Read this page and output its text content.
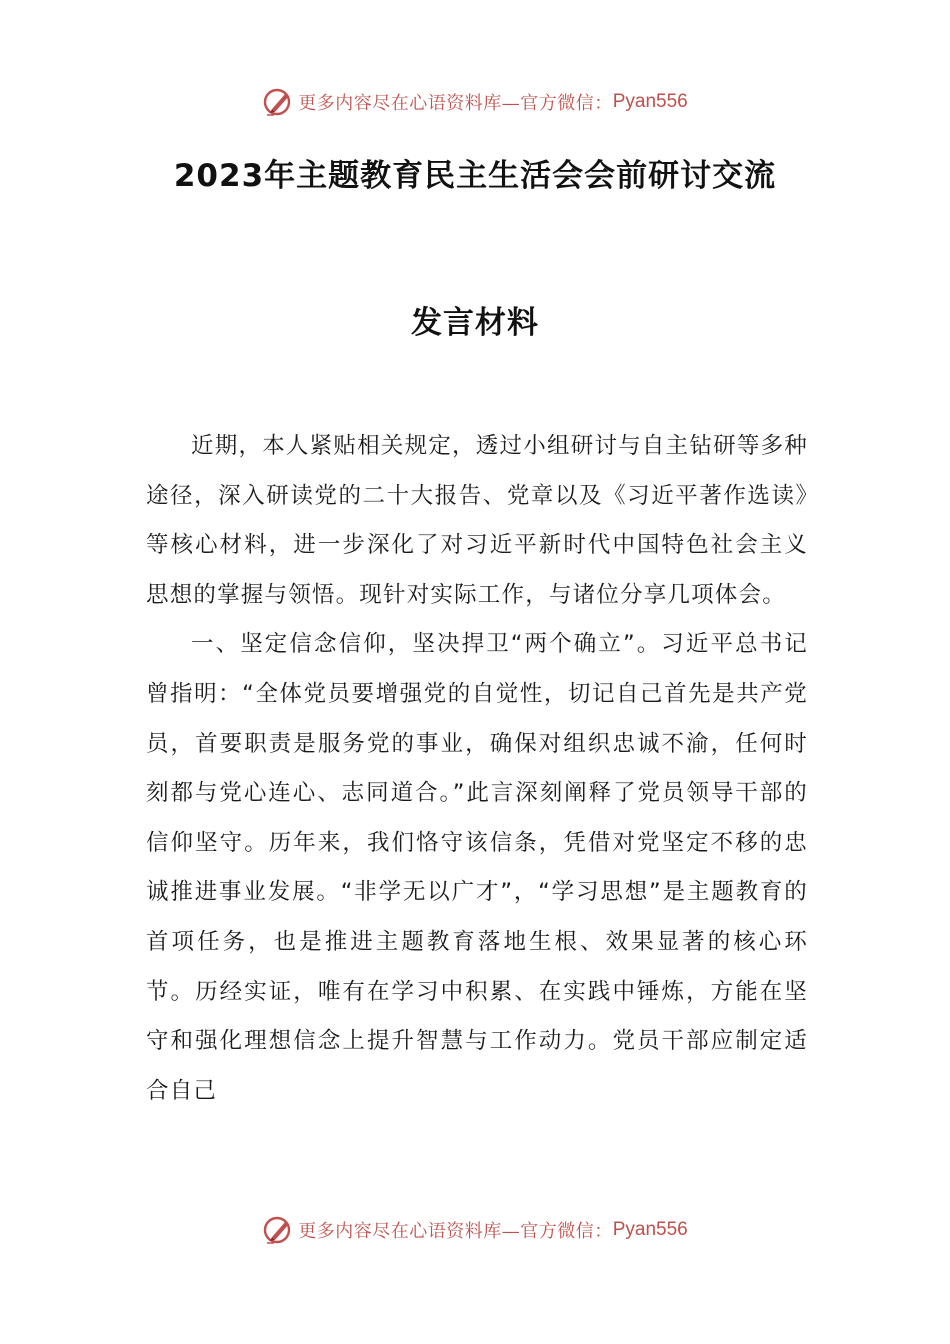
更多内容尽在心语资料库—官方微信： Pyan556
2023年主题教育民主生活会会前研讨交流
发言材料

近期，本人紧贴相关规定，透过小组研讨与自主钻研等多种途径，深入研读党的二十大报告、党章以及《习近平著作选读》等核心材料，进一步深化了对习近平新时代中国特色社会主义思想的掌握与领悟。现针对实际工作，与诸位分享几项体会。

一、坚定信念信仰，坚决捍卫“两个确立”。习近平总书记曾指明：“全体党员要增强党的自觉性，切记自己首先是共产党员，首要职责是服务党的事业，确保对组织忠诚不渝，任何时刻都与党心连心、志同道合。”此言深刻阐释了党员领导干部的信仰坚守。历年来，我们恪守该信条，凭借对党坚定不移的忠诚推进事业发展。“非学无以广才”，“学习思想”是主题教育的首项任务，也是推进主题教育落地生根、效果显著的核心环节。历经实证，唯有在学习中积累、在实践中锤炼，方能在坚守和强化理想信念上提升智慧与工作动力。党员干部应制定适合自己

更多内容尽在心语资料库—官方微信： Pyan556
